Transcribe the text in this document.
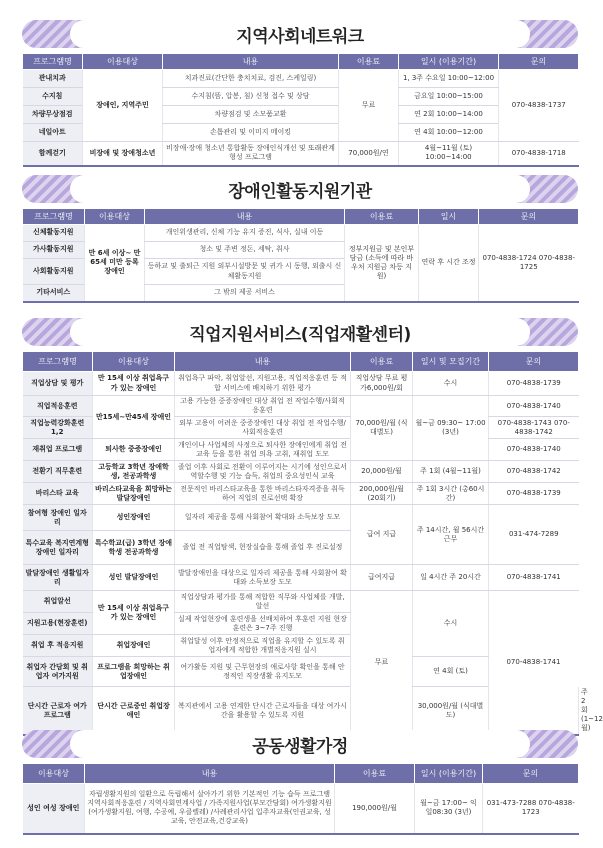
지역사회네트워크
프로그램명	이용대상	내용	이용료	일시 (이용기간)	문의
관내치과	장애인, 지역주민	치과진료(간단한 충치치료, 검진, 스케일링)	무료	1, 3주 수요일 10:00~12:00	070-4838-1737
수지침		수지침(뜸, 압봉, 침) 신청 접수 및 상담		금요일 10:00~15:00	
차량무상점검		차량점검 및 소모품교환		연 2회 10:00~14:00	
네일아트		손톱관리 및 이미지 메이킹		연 4회 10:00~12:00	
함께걷기	비장애 및 장애청소년	비장애·장애 청소년 통합활동 장애인식개선 및 또래관계 형성 프로그램	70,000원/연	4월~11월 (토) 10:00~14:00	070-4838-1718
장애인활동지원기관
프로그램명	이용대상	내용	이용료	일시	문의
신체활동지원	만 6세 이상~ 만 65세 미만 등록 장애인	개인위생관리, 신체 기능 유지 증진, 식사, 실내 이동	정부지원금 및 본인부담금 (소득에 따라 바우처 지원금 차등 지원)	연락 후 시간 조정	070-4838-1724 070-4838-1725
가사활동지원		청소 및 주변 정돈, 세탁, 취사			
사회활동지원		등하교 및 출퇴근 지원 외부시설방문 및 귀가 시 동행, 외출시 신체활동지원			
기타서비스		그 밖의 제공 서비스			
직업지원서비스(직업재활센터)
프로그램명	이용대상	내용	이용료	일시 및 모집기간	문의	
직업상담 및 평가	만 15세 이상 취업욕구가 있는 장애인	취업욕구 파악, 취업알선, 지원고용, 직업적응훈련 등 적합 서비스에 배치하기 위한 평가	직업상담 무료 평가6,000원/회	수시	070-4838-1739	
직업적응훈련	만15세~만45세 장애인	고용 가능한 중증장애인 대상 취업 전 작업수행/사회적응훈련	70,000원/월 (식대별도)	월~금 09:30~ 17:00 (3년)	070-4838-1740	
직업능력강화훈련 1,2		외부 고용이 어려운 중증장애인 대상 취업 전 작업수행/사회적응훈련			070-4838-1743 070-4838-1742	
재취업 프로그램	퇴사한 중증장애인	개인이나 사업체의 사정으로 퇴사한 장애인에게 취업 전 교육 등을 통한 취업 의욕 고취, 재취업 도모			070-4838-1740	
전환기 직무훈련	고등학교 3학년 장애학생, 전공과학생	졸업 이후 사회로 전환이 이루어지는 시기에 성인으로서 역할수행 및 기능 습득, 취업의 중요성인식 교육	20,000원/월	주 1회 (4월~11월)	070-4838-1742	
바리스타 교육	바리스타교육을 희망하는 발달장애인	전문적인 바리스타교육을 통한 바리스타자격증을 취득하여 직업의 진로선택 확장	200,000원/월 (20회기)	주 1회 3시간 (총60시간)	070-4838-1739	
참여형 장애인 일자리	성인장애인	일자리 제공을 통해 사회참여 확대와 소득보장 도모	급여 지급	주 14시간, 월 56시간 근무	031-474-7289	
특수교육 복지연계형 장애인 일자리	특수학교(급) 3학년 장애학생 전공과학생	졸업 전 직업탐색, 현장실습을 통해 졸업 후 진로설정				
발달장애인 생활일자리	성인 발달장애인	발달장애인을 대상으로 일자리 제공을 통해 사회참여 확대와 소득보장 도모	급여지급	일 4시간 주 20시간	070-4838-1741	
취업알선	만 15세 이상 취업욕구가 있는 장애인	직업상담과 평가를 통해 적합한 직무와 사업체를 개발, 알선	무료	수시	070-4838-1741	
지원고용(현장훈련)		실제 작업현장에 훈련생을 선배치하여 후훈련 지원 현장훈련은 3~7주 진행				
취업 후 적응지원	취업장애인	취업달성 이후 안정적으로 직업을 유지할 수 있도록 취업자에게 적합한 개별적응지원 실시				
취업자 간담회 및 취업자 여가지원	프로그램을 희망하는 취업장애인	여가활동 지원 및 근무현장의 애로사항 확인을 통해 안정적인 직장생활 유지도모		연 4회 (토)		
단시간 근로자 여가 프로그램	단시간 근로중인 취업장애인	복지관에서 고용 연계한 단시간 근로자들을 대상 여가시간을 활용할 수 있도록 지원		30,000원/월 (식대별도)		주 2회 (1~12월)
공동생활가정
이용대상	내용	이용료	일시 (이용기간)	문의
성인 여성 장애인	자립생활지원의 일환으로 독립해서 살아가기 위한 기본적인 기능 습득 프로그램 지역사회적응훈련 / 지역사회연계사업 / 가족지원사업(부모간담회) 여가생활지원(여가생활지원, 여행, 수공예, 우클렐레) /사례관리사업 입주자교육(인권교육, 성교육, 안전교육,건강교육)	190,000원/월	월~금 17:00~ 익일08:30 (3년)	031-473-7288 070-4838-1723
